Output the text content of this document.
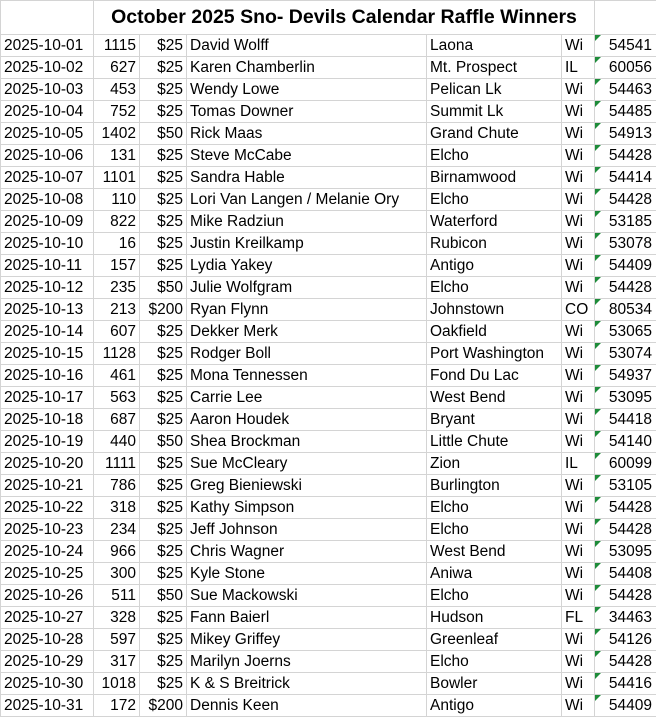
	October 2025 Sno- Devils Calendar Raffle Winners					
2025-10-01	1115	$25	David Wolff	Laona	Wi	54541
2025-10-02	627	$25	Karen Chamberlin	Mt. Prospect	IL	60056
2025-10-03	453	$25	Wendy Lowe	Pelican Lk	Wi	54463
2025-10-04	752	$25	Tomas Downer	Summit Lk	Wi	54485
2025-10-05	1402	$50	Rick Maas	Grand Chute	Wi	54913
2025-10-06	131	$25	Steve McCabe	Elcho	Wi	54428
2025-10-07	1101	$25	Sandra Hable	Birnamwood	Wi	54414
2025-10-08	110	$25	Lori Van Langen / Melanie Ory	Elcho	Wi	54428
2025-10-09	822	$25	Mike Radziun	Waterford	Wi	53185
2025-10-10	16	$25	Justin Kreilkamp	Rubicon	Wi	53078
2025-10-11	157	$25	Lydia Yakey	Antigo	Wi	54409
2025-10-12	235	$50	Julie Wolfgram	Elcho	Wi	54428
2025-10-13	213	$200	Ryan Flynn	Johnstown	CO	80534
2025-10-14	607	$25	Dekker Merk	Oakfield	Wi	53065
2025-10-15	1128	$25	Rodger Boll	Port Washington	Wi	53074
2025-10-16	461	$25	Mona Tennessen	Fond Du Lac	Wi	54937
2025-10-17	563	$25	Carrie Lee	West Bend	Wi	53095
2025-10-18	687	$25	Aaron Houdek	Bryant	Wi	54418
2025-10-19	440	$50	Shea Brockman	Little Chute	Wi	54140
2025-10-20	1111	$25	Sue McCleary	Zion	IL	60099
2025-10-21	786	$25	Greg Bieniewski	Burlington	Wi	53105
2025-10-22	318	$25	Kathy Simpson	Elcho	Wi	54428
2025-10-23	234	$25	Jeff Johnson	Elcho	Wi	54428
2025-10-24	966	$25	Chris Wagner	West Bend	Wi	53095
2025-10-25	300	$25	Kyle Stone	Aniwa	Wi	54408
2025-10-26	511	$50	Sue Mackowski	Elcho	Wi	54428
2025-10-27	328	$25	Fann Baierl	Hudson	FL	34463
2025-10-28	597	$25	Mikey Griffey	Greenleaf	Wi	54126
2025-10-29	317	$25	Marilyn Joerns	Elcho	Wi	54428
2025-10-30	1018	$25	K & S Breitrick	Bowler	Wi	54416
2025-10-31	172	$200	Dennis Keen	Antigo	Wi	54409
